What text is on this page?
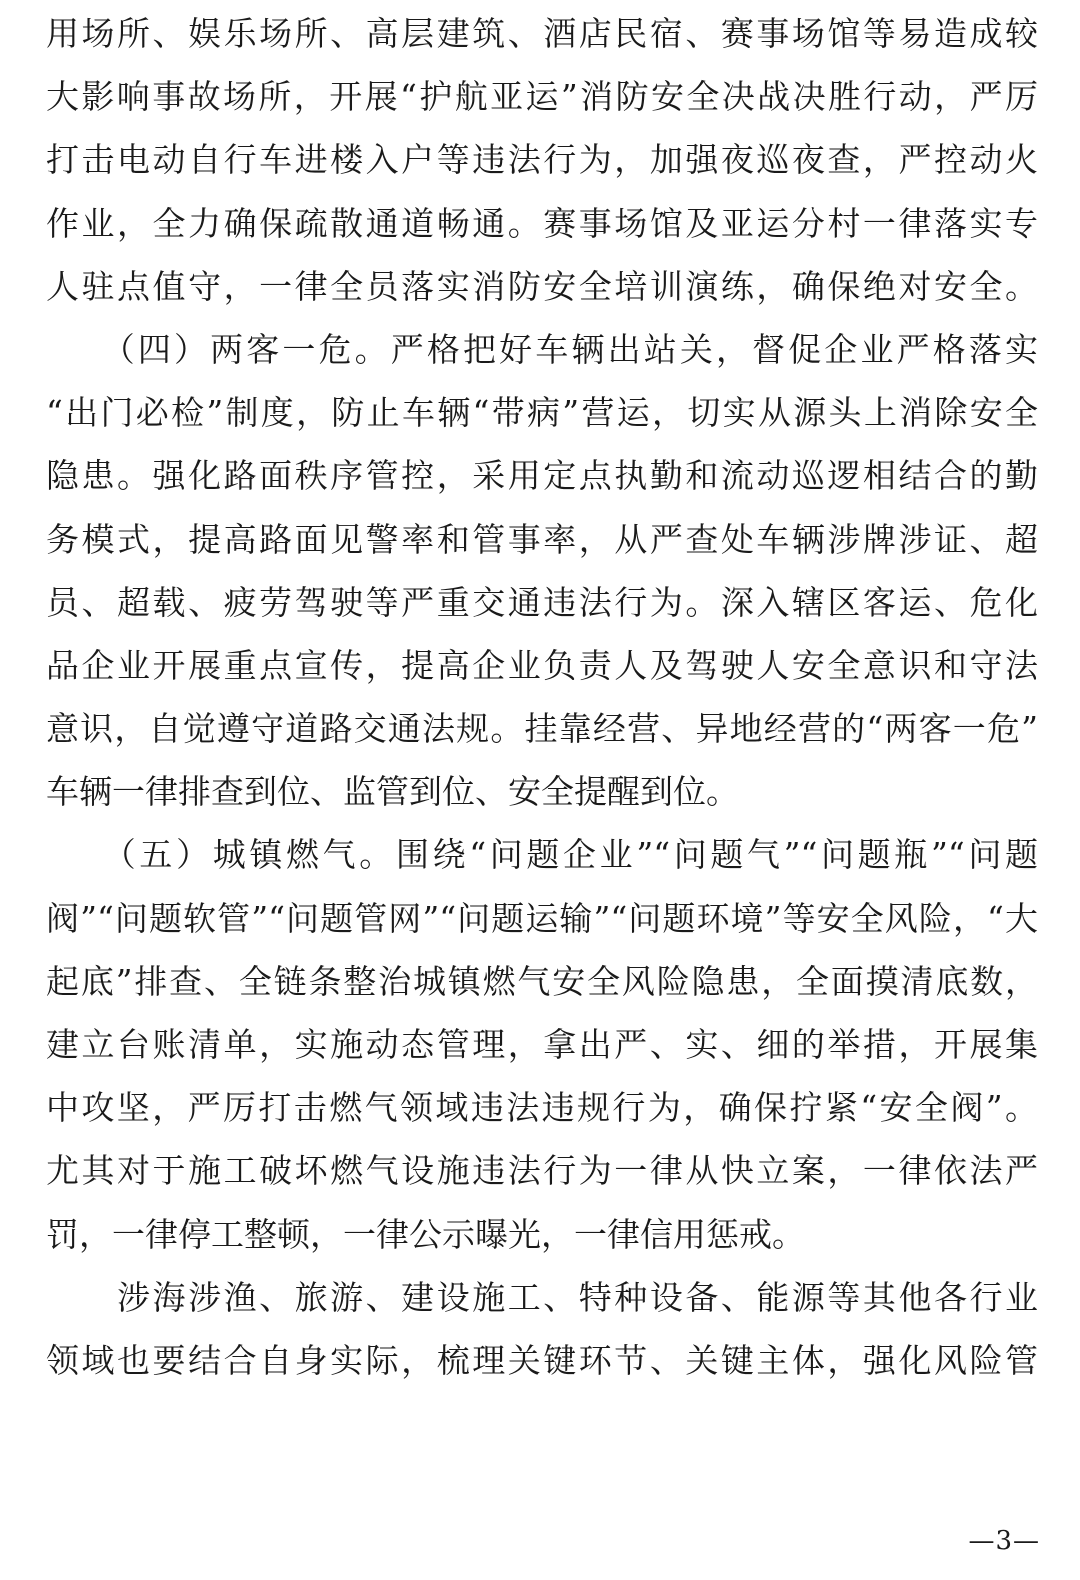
用场所、娱乐场所、高层建筑、酒店民宿、赛事场馆等易造成较
大影响事故场所，开展“护航亚运”消防安全决战决胜行动，严厉
打击电动自行车进楼入户等违法行为，加强夜巡夜查，严控动火
作业，全力确保疏散通道畅通。赛事场馆及亚运分村一律落实专
人驻点值守，一律全员落实消防安全培训演练，确保绝对安全。
　　（四）两客一危。严格把好车辆出站关，督促企业严格落实
“出门必检”制度，防止车辆“带病”营运，切实从源头上消除安全
隐患。强化路面秩序管控，采用定点执勤和流动巡逻相结合的勤
务模式，提高路面见警率和管事率，从严查处车辆涉牌涉证、超
员、超载、疲劳驾驶等严重交通违法行为。深入辖区客运、危化
品企业开展重点宣传，提高企业负责人及驾驶人安全意识和守法
意识，自觉遵守道路交通法规。挂靠经营、异地经营的“两客一危”
车辆一律排查到位、监管到位、安全提醒到位。
　　（五）城镇燃气。围绕“问题企业”“问题气”“问题瓶”“问题
阀”“问题软管”“问题管网”“问题运输”“问题环境”等安全风险，“大
起底”排查、全链条整治城镇燃气安全风险隐患，全面摸清底数，
建立台账清单，实施动态管理，拿出严、实、细的举措，开展集
中攻坚，严厉打击燃气领域违法违规行为，确保拧紧“安全阀”。
尤其对于施工破坏燃气设施违法行为一律从快立案，一律依法严
罚，一律停工整顿，一律公示曝光，一律信用惩戒。
　　涉海涉渔、旅游、建设施工、特种设备、能源等其他各行业
领域也要结合自身实际，梳理关键环节、关键主体，强化风险管
—3—
